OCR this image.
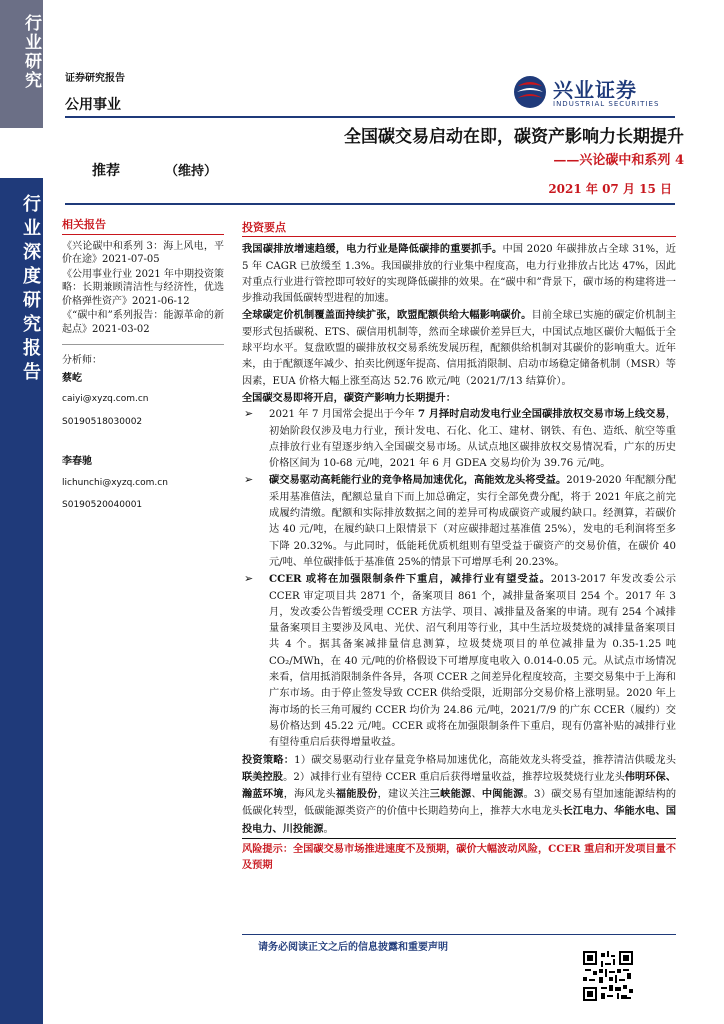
行业研究
行业深度研究报告
证券研究报告
公用事业
兴业证券
INDUSTRIAL SECURITIES
全国碳交易启动在即，碳资产影响力长期提升
——兴论碳中和系列 4
推荐	（维持）
2021 年 07 月 15 日
相关报告

《兴论碳中和系列 3：海上风电，平价在途》2021-07-05

《公用事业行业 2021 年中期投资策略：长期兼顾清洁性与经济性，优选价格弹性资产》2021-06-12

《“碳中和”系列报告：能源革命的新起点》2021-03-02

分析师：
蔡屹
caiyi@xyzq.com.cn
S0190518030002
李春驰
lichunchi@xyzq.com.cn
S0190520040001
投资要点

我国碳排放增速趋缓，电力行业是降低碳排的重要抓手。中国 2020 年碳排放占全球 31%，近 5 年 CAGR 已放缓至 1.3%。我国碳排放的行业集中程度高，电力行业排放占比达 47%，因此对重点行业进行管控即可较好的实现降低碳排的效果。在“碳中和”背景下，碳市场的构建将进一步推动我国低碳转型进程的加速。

全球碳定价机制覆盖面持续扩张，欧盟配额供给大幅影响碳价。目前全球已实施的碳定价机制主要形式包括碳税、ETS、碳信用机制等，然而全球碳价差异巨大，中国试点地区碳价大幅低于全球平均水平。复盘欧盟的碳排放权交易系统发展历程，配额供给机制对其碳价的影响重大。近年来，由于配额逐年减少、拍卖比例逐年提高、信用抵消限制、启动市场稳定储备机制（MSR）等因素，EUA 价格大幅上涨至高达 52.76 欧元/吨（2021/7/13 结算价）。

全国碳交易即将开启，碳资产影响力长期提升：

➢ 2021 年 7 月国常会提出于今年 7 月择时启动发电行业全国碳排放权交易市场上线交易，初始阶段仅涉及电力行业，预计发电、石化、化工、建材、钢铁、有色、造纸、航空等重点排放行业有望逐步纳入全国碳交易市场。从试点地区碳排放权交易情况看，广东的历史价格区间为 10-68 元/吨，2021 年 6 月 GDEA 交易均价为 39.76 元/吨。
➢ 碳交易驱动高耗能行业的竞争格局加速优化，高能效龙头将受益。2019-2020 年配额分配采用基准值法，配额总量自下而上加总确定，实行全部免费分配，将于 2021 年底之前完成履约清缴。配额和实际排放数据之间的差异可构成碳资产或履约缺口。经测算，若碳价达 40 元/吨，在履约缺口上限情景下（对应碳排超过基准值 25%），发电的毛利润将至多下降 20.32%。与此同时，低能耗优质机组则有望受益于碳资产的交易价值，在碳价 40 元/吨、单位碳排低于基准值 25%的情景下可增厚毛利 20.23%。
➢ CCER 或将在加强限制条件下重启，减排行业有望受益。2013-2017 年发改委公示 CCER 审定项目共 2871 个，备案项目 861 个，减排量备案项目 254 个。2017 年 3 月，发改委公告暂缓受理 CCER 方法学、项目、减排量及备案的申请。现有 254 个减排量备案项目主要涉及风电、光伏、沼气利用等行业，其中生活垃圾焚烧的减排量备案项目共 4 个。据其备案减排量信息测算，垃圾焚烧项目的单位减排量为 0.35-1.25 吨 CO₂/MWh，在 40 元/吨的价格假设下可增厚度电收入 0.014-0.05 元。从试点市场情况来看，信用抵消限制条件各异，各项 CCER 之间差异化程度较高，主要交易集中于上海和广东市场。由于停止签发导致 CCER 供给受限，近期部分交易价格上涨明显。2020 年上海市场的长三角可履约 CCER 均价为 24.86 元/吨，2021/7/9 的广东 CCER（履约）交易价格达到 45.22 元/吨。CCER 或将在加强限制条件下重启，现有仍富补贴的减排行业有望待重启后获得增量收益。

投资策略：1）碳交易驱动行业存量竞争格局加速优化，高能效龙头将受益，推荐清洁供暖龙头联美控股。2）减排行业有望待 CCER 重启后获得增量收益，推荐垃圾焚烧行业龙头伟明环保、瀚蓝环境，海风龙头福能股份，建议关注三峡能源、中闽能源。3）碳交易有望加速能源结构的低碳化转型，低碳能源类资产的价值中长期趋势向上，推荐大水电龙头长江电力、华能水电、国投电力、川投能源。

风险提示：全国碳交易市场推进速度不及预期，碳价大幅波动风险，CCER 重启和开发项目量不及预期

请务必阅读正文之后的信息披露和重要声明
